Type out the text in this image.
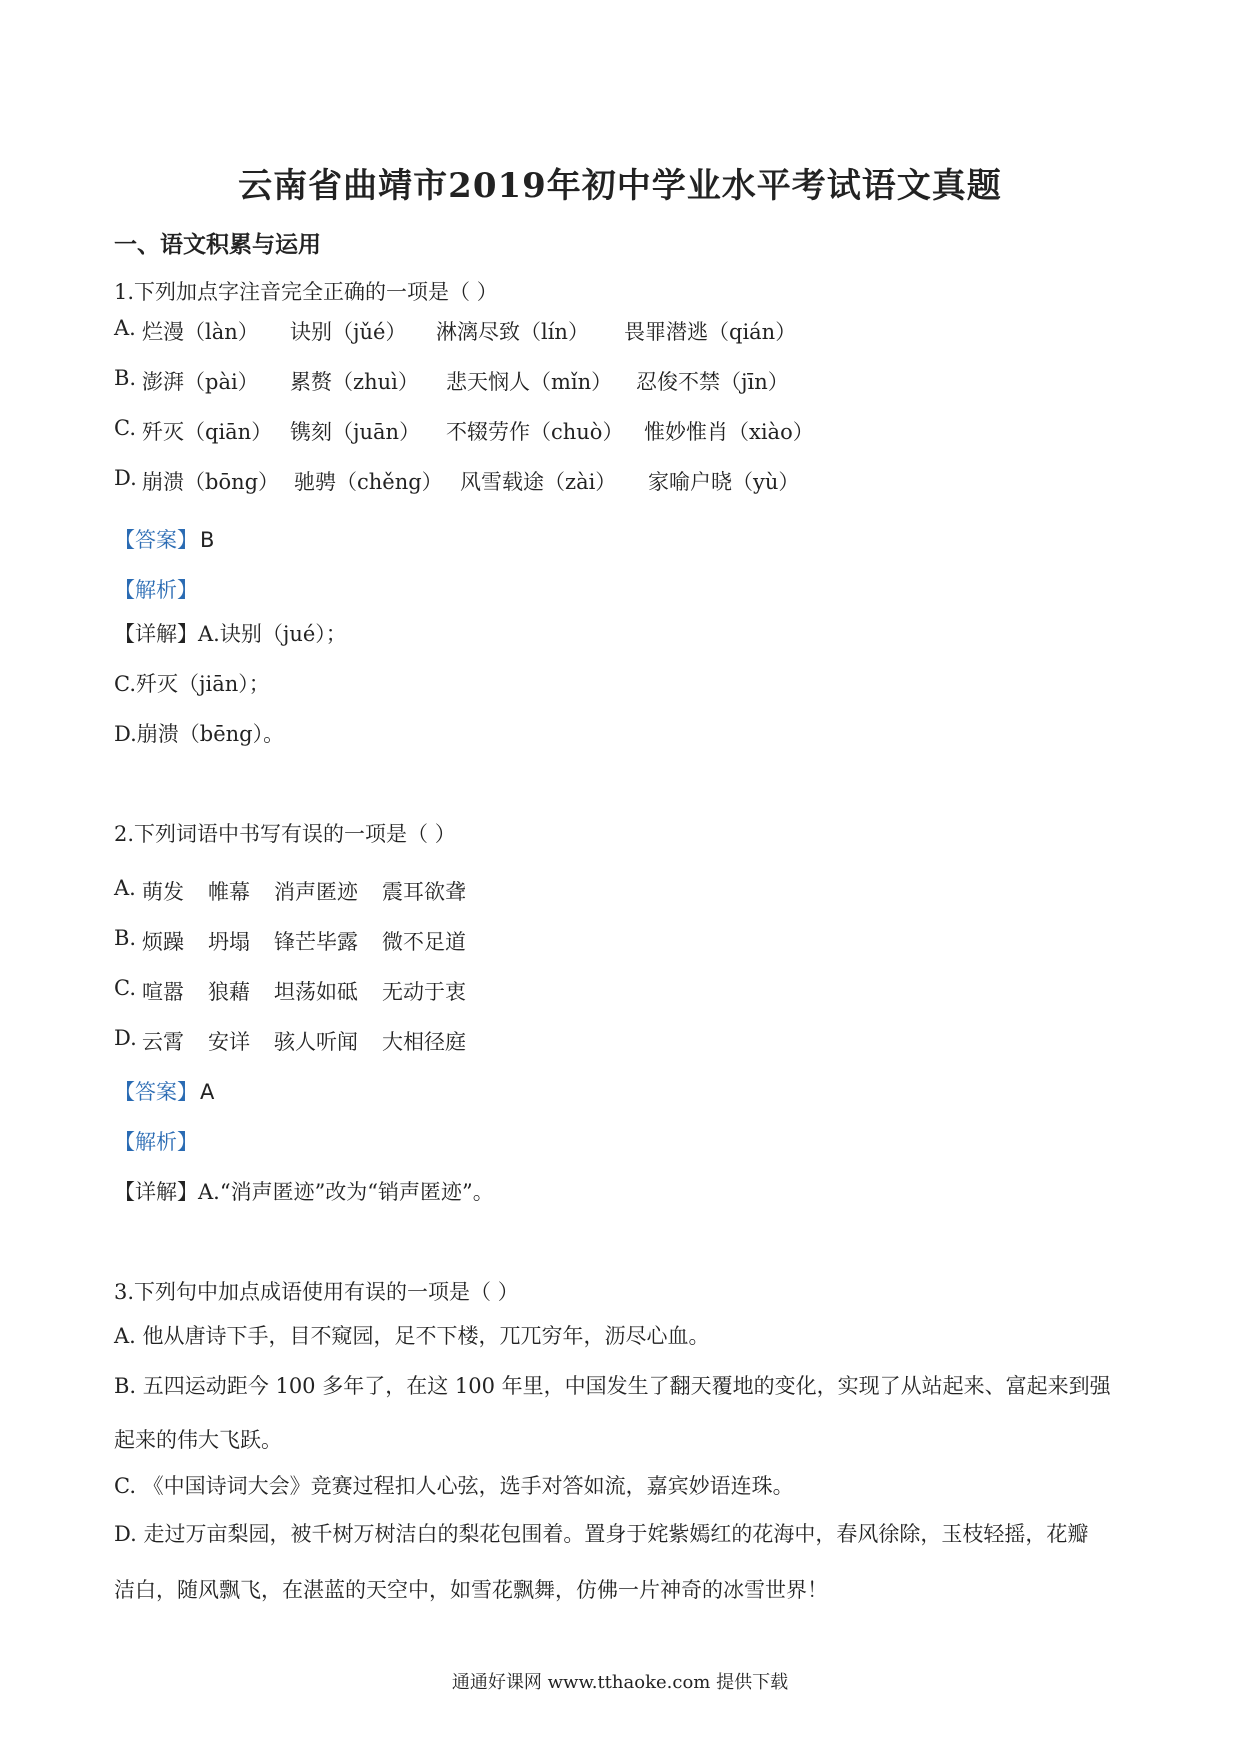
云南省曲靖市2019年初中学业水平考试语文真题
一、语文积累与运用
1.下列加点字注音完全正确的一项是（ ）
A. 烂漫（làn） 诀别（jǔé） 淋漓尽致（lín） 畏罪潜逃（qián）
B. 澎湃（pài） 累赘（zhuì） 悲天悯人（mǐn） 忍俊不禁（jīn）
C. 歼灭（qiān） 镌刻（juān） 不辍劳作（chuò） 惟妙惟肖（xiào）
D. 崩溃（bōng） 驰骋（chěng） 风雪载途（zài） 家喻户晓（yù）
【答案】B
【解析】
【详解】A.诀别（jué）；
C.歼灭（jiān）；
D.崩溃（bēng）。
2.下列词语中书写有误的一项是（ ）
A. 萌发 帷幕 消声匿迹 震耳欲聋
B. 烦躁 坍塌 锋芒毕露 微不足道
C. 喧嚣 狼藉 坦荡如砥 无动于衷
D. 云霄 安详 骇人听闻 大相径庭
【答案】A
【解析】
【详解】A.“消声匿迹”改为“销声匿迹”。
3.下列句中加点成语使用有误的一项是（ ）
A. 他从唐诗下手，目不窥园，足不下楼，兀兀穷年，沥尽心血。
B. 五四运动距今 100 多年了，在这 100 年里，中国发生了翻天覆地的变化，实现了从站起来、富起来到强
起来的伟大飞跃。
C. 《中国诗词大会》竞赛过程扣人心弦，选手对答如流，嘉宾妙语连珠。
D. 走过万亩梨园，被千树万树洁白的梨花包围着。置身于姹紫嫣红的花海中，春风徐除，玉枝轻摇，花瓣
洁白，随风飘飞，在湛蓝的天空中，如雪花飘舞，仿佛一片神奇的冰雪世界！
通通好课网 www.tthaoke.com 提供下载
